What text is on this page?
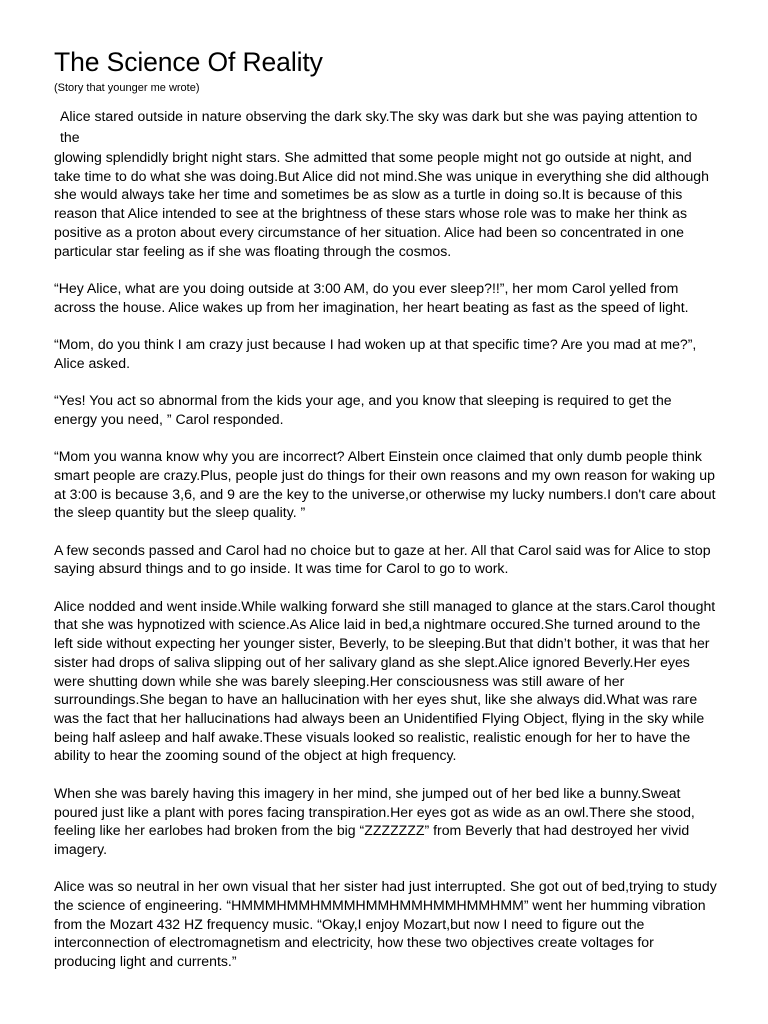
The Science Of Reality

(Story that younger me wrote)

Alice stared outside in nature observing the dark sky.The sky was dark but she was paying attention to the

glowing splendidly bright night stars. She admitted that some people might not go outside at night, and take time to do what she was doing.But Alice did not mind.She was unique in everything she did although she would always take her time and sometimes be as slow as a turtle in doing so.It is because of this reason that Alice intended to see at the brightness of these stars whose role was to make her think as positive as a proton about every circumstance of her situation. Alice had been so concentrated in one particular star feeling as if she was floating through the cosmos.

“Hey Alice, what are you doing outside at 3:00 AM, do you ever sleep?!!”, her mom Carol yelled from across the house. Alice wakes up from her imagination, her heart beating as fast as the speed of light.

“Mom, do you think I am crazy just because I had woken up at that specific time? Are you mad at me?”, Alice asked.

“Yes! You act so abnormal from the kids your age, and you know that sleeping is required to get the energy you need, ” Carol responded.

“Mom you wanna know why you are incorrect? Albert Einstein once claimed that only dumb people think smart people are crazy.Plus, people just do things for their own reasons and my own reason for waking up at 3:00 is because 3,6, and 9 are the key to the universe,or otherwise my lucky numbers.I don't care about the sleep quantity but the sleep quality. ”

A few seconds passed and Carol had no choice but to gaze at her. All that Carol said was for Alice to stop saying absurd things and to go inside. It was time for Carol to go to work.

Alice nodded and went inside.While walking forward she still managed to glance at the stars.Carol thought that she was hypnotized with science.As Alice laid in bed,a nightmare occured.She turned around to the left side without expecting her younger sister, Beverly, to be sleeping.But that didn’t bother, it was that her sister had drops of saliva slipping out of her salivary gland as she slept.Alice ignored Beverly.Her eyes were shutting down while she was barely sleeping.Her consciousness was still aware of her surroundings.She began to have an hallucination with her eyes shut, like she always did.What was rare was the fact that her hallucinations had always been an Unidentified Flying Object, flying in the sky while being half asleep and half awake.These visuals looked so realistic, realistic enough for her to have the ability to hear the zooming sound of the object at high frequency.

When she was barely having this imagery in her mind, she jumped out of her bed like a bunny.Sweat poured just like a plant with pores facing transpiration.Her eyes got as wide as an owl.There she stood, feeling like her earlobes had broken from the big “ZZZZZZZ” from Beverly that had destroyed her vivid imagery.

Alice was so neutral in her own visual that her sister had just interrupted. She got out of bed,trying to study the science of engineering. “HMMMHMMHMMMHMMHMMHMMHMMHMM” went her humming vibration from the Mozart 432 HZ frequency music. “Okay,I enjoy Mozart,but now I need to figure out the interconnection of electromagnetism and electricity, how these two objectives create voltages for producing light and currents.”
